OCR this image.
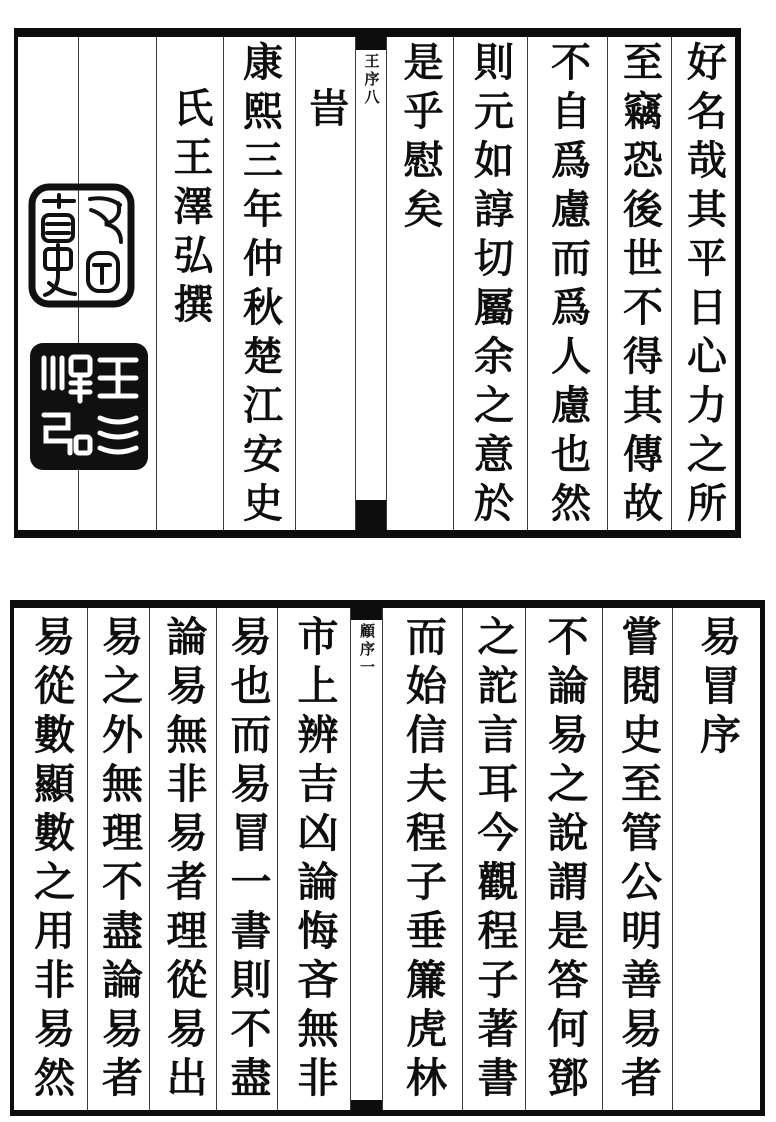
氏王澤弘撰 康熙三年仲秋楚江安史 旹
王序八 是乎慰矣 則元如諄切屬余之意於 不自爲慮而爲人慮也然 至竊恐後世不得其傳故 好名哉其平日心力之所
易從數顯數之用非易然 易之外無理不盡論易者 論易無非易者理從易出 易也而易冒一書則不盡 市上辨吉凶論悔吝無非 顧序一 而始信夫程子垂簾虎林 之詑言耳今觀程子著書 不論易之說謂是答何鄧 嘗閱史至管公明善易者 易冒序
